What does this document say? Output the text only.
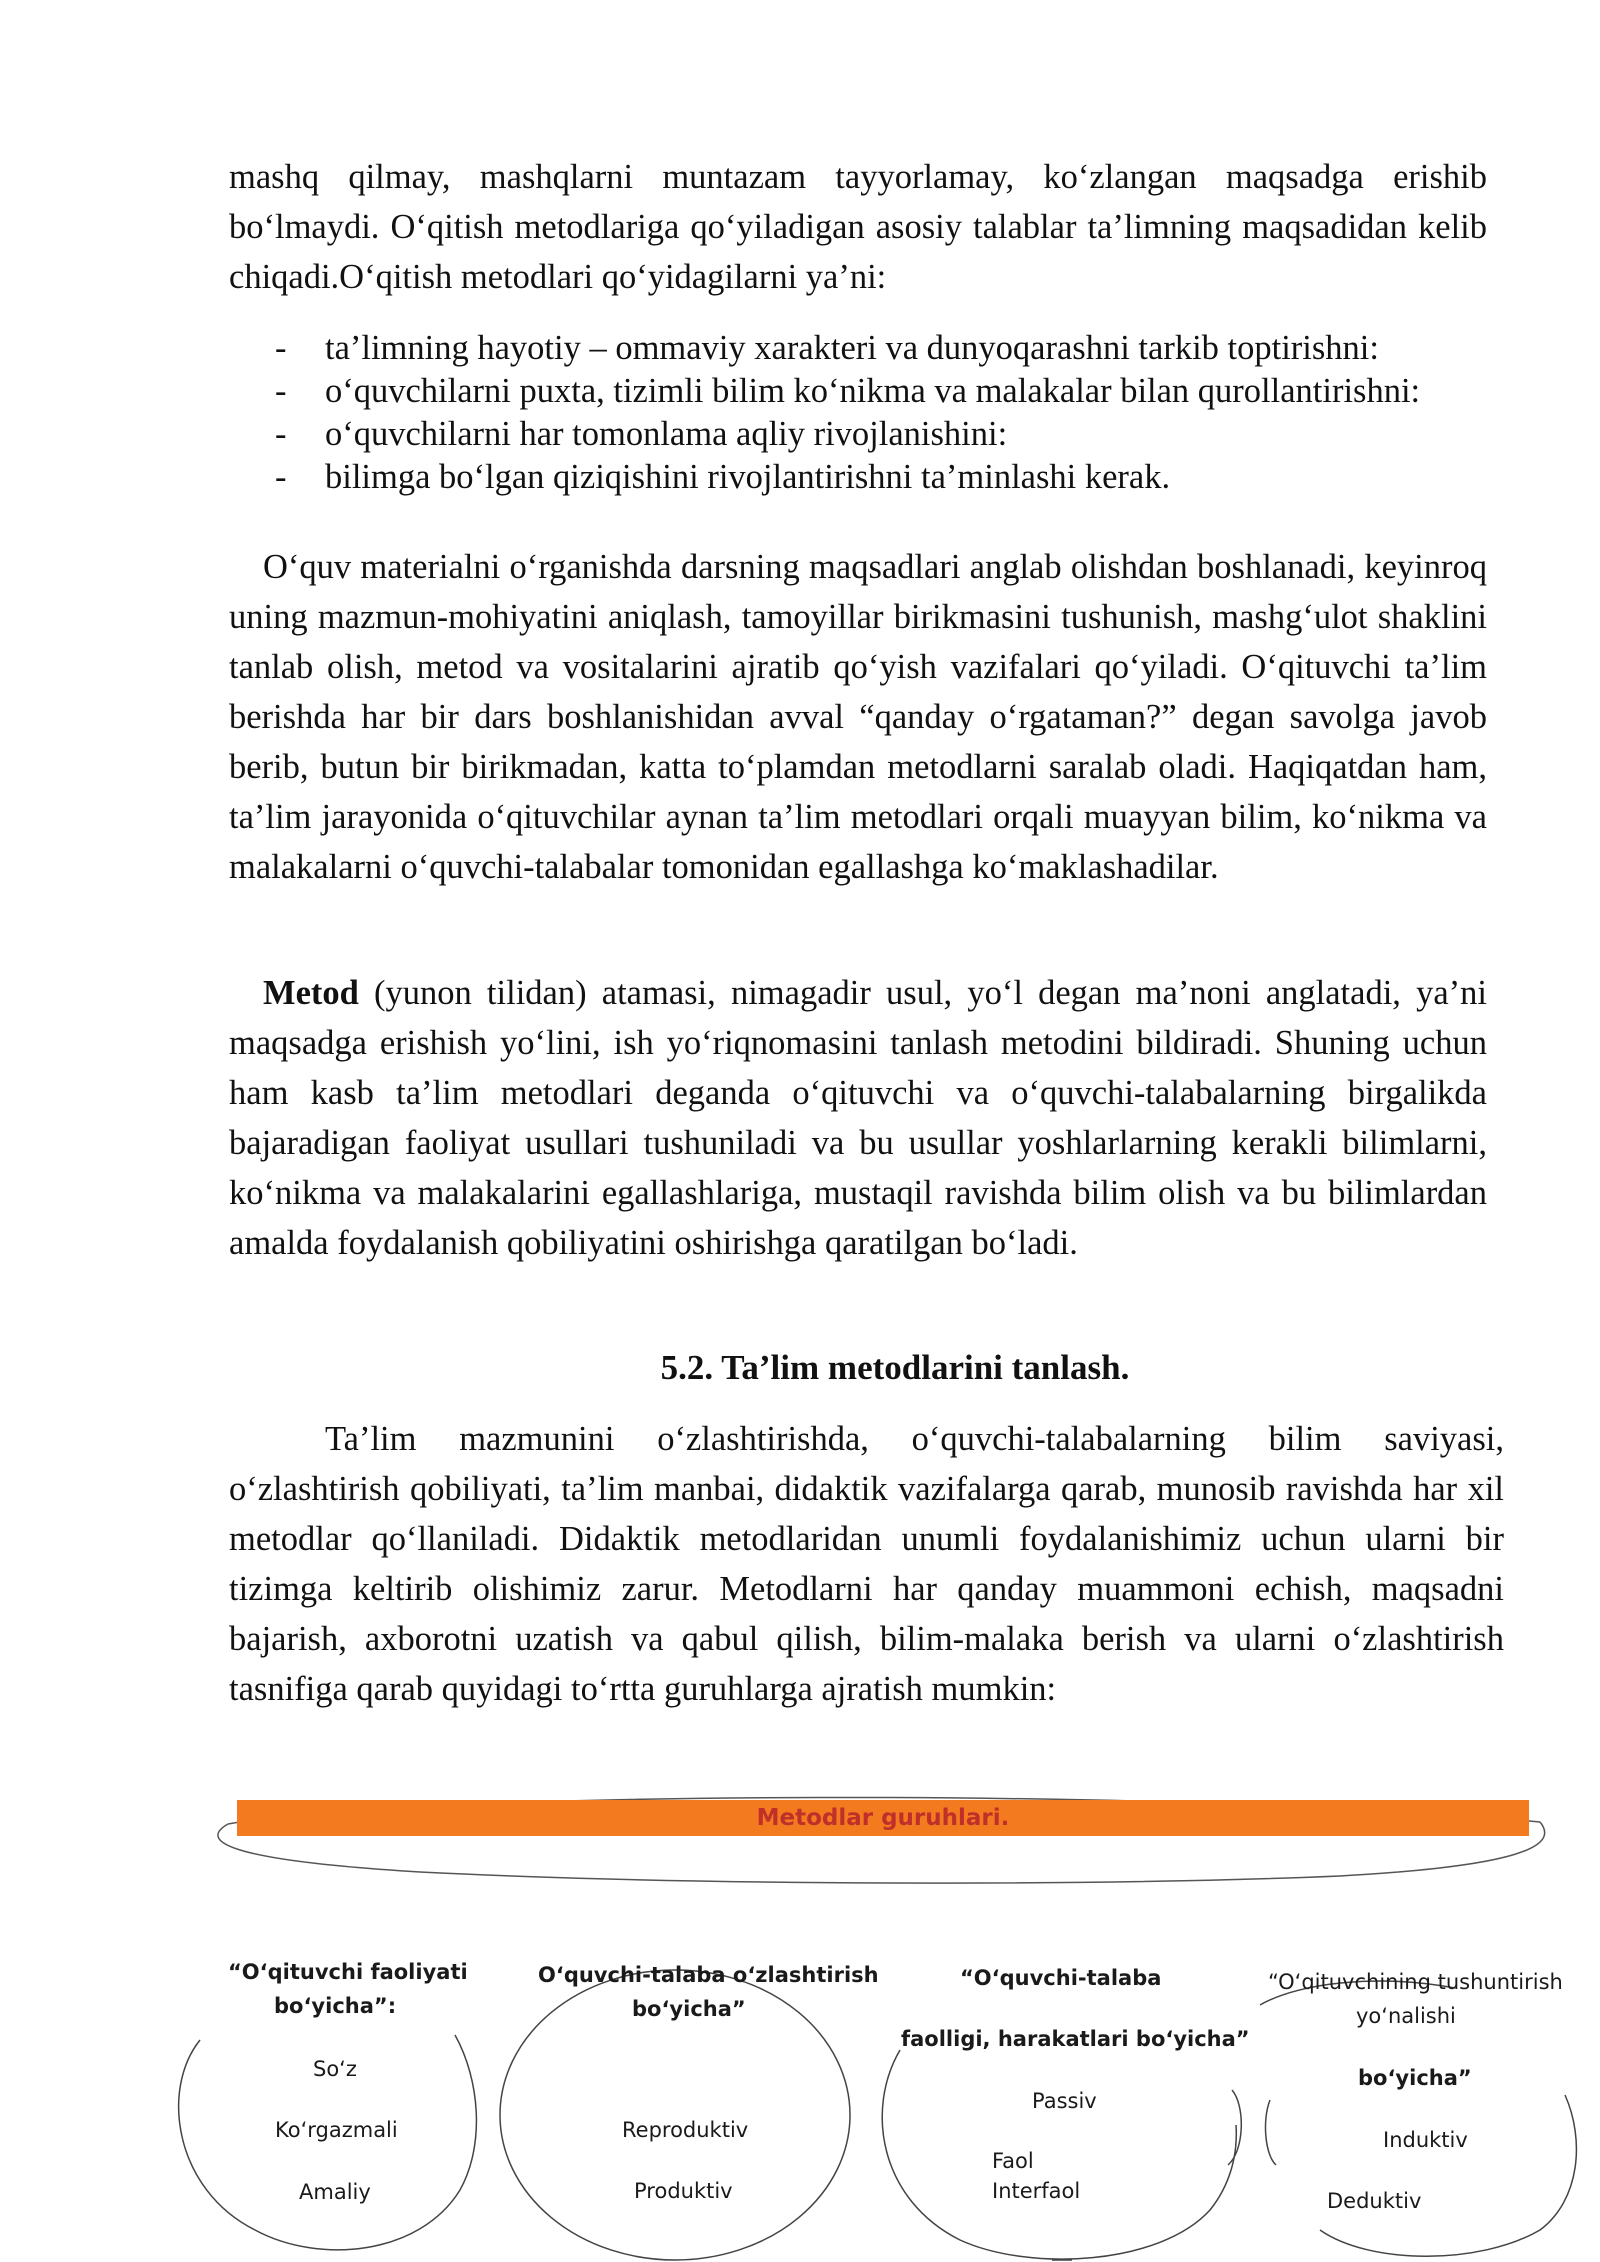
mashq qilmay, mashqlarni muntazam tayyorlamay, ko‘zlangan maqsadga erishib bo‘lmaydi. O‘qitish metodlariga qo‘yiladigan asosiy talablar ta’limning maqsadidan kelib chiqadi.O‘qitish metodlari qo‘yidagilarni ya’ni:

- ta’limning hayotiy – ommaviy xarakteri va dunyoqarashni tarkib toptirishni:
- o‘quvchilarni puxta, tizimli bilim ko‘nikma va malakalar bilan qurollantirishni:
- o‘quvchilarni har tomonlama aqliy rivojlanishini:
- bilimga bo‘lgan qiziqishini rivojlantirishni ta’minlashi kerak.

O‘quv materialni o‘rganishda darsning maqsadlari anglab olishdan boshlanadi, keyinroq uning mazmun-mohiyatini aniqlash, tamoyillar birikmasini tushunish, mashg‘ulot shaklini tanlab olish, metod va vositalarini ajratib qo‘yish vazifalari qo‘yiladi. O‘qituvchi ta’lim berishda har bir dars boshlanishidan avval “qanday o‘rgataman?” degan savolga javob berib, butun bir birikmadan, katta to‘plamdan metodlarni saralab oladi. Haqiqatdan ham, ta’lim jarayonida o‘qituvchilar aynan ta’lim metodlari orqali muayyan bilim, ko‘nikma va malakalarni o‘quvchi-talabalar tomonidan egallashga ko‘maklashadilar.

Metod (yunon tilidan) atamasi, nimagadir usul, yo‘l degan ma’noni anglatadi, ya’ni maqsadga erishish yo‘lini, ish yo‘riqnomasini tanlash metodini bildiradi. Shuning uchun ham kasb ta’lim metodlari deganda o‘qituvchi va o‘quvchi-talabalarning birgalikda bajaradigan faoliyat usullari tushuniladi va bu usullar yoshlarlarning kerakli bilimlarni, ko‘nikma va malakalarini egallashlariga, mustaqil ravishda bilim olish va bu bilimlardan amalda foydalanish qobiliyatini oshirishga qaratilgan bo‘ladi.

5.2. Ta’lim metodlarini tanlash.

Ta’lim mazmunini o‘zlashtirishda, o‘quvchi-talabalarning bilim saviyasi, o‘zlashtirish qobiliyati, ta’lim manbai, didaktik vazifalarga qarab, munosib ravishda har xil metodlar qo‘llaniladi. Didaktik metodlaridan unumli foydalanishimiz uchun ularni bir tizimga keltirib olishimiz zarur. Metodlarni har qanday muammoni echish, maqsadni bajarish, axborotni uzatish va qabul qilish, bilim-malaka berish va ularni o‘zlashtirish tasnifiga qarab quyidagi to‘rtta guruhlarga ajratish mumkin:

Metodlar guruhlari.
“O‘qituvchi faoliyati
bo‘yicha”:
So‘z
Ko‘rgazmali
Amaliy
O‘quvchi-talaba o‘zlashtirish
bo‘yicha”
Reproduktiv
Produktiv
“O‘quvchi-talaba
faolligi, harakatlari bo‘yicha”
Passiv
Faol
Interfaol
“O‘qituvchining tushuntirish
yo‘nalishi
bo‘yicha”
Induktiv
Deduktiv
